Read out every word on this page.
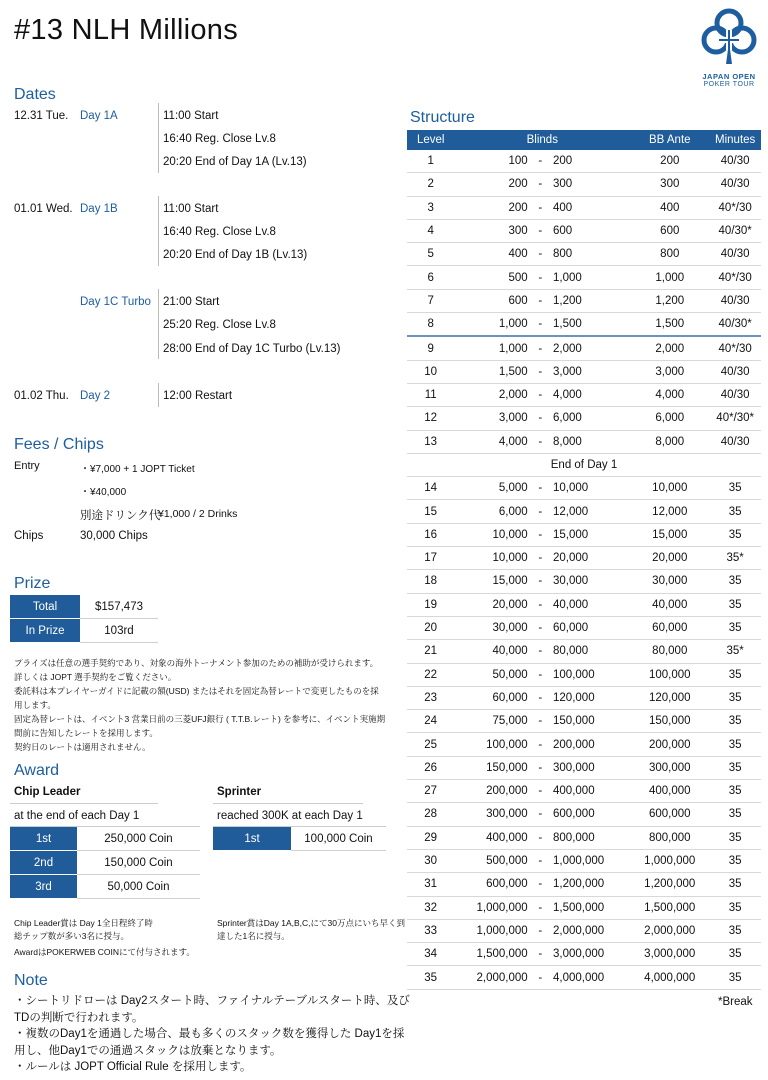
#13 NLH Millions
JAPAN OPEN
POKER TOUR
Dates
12.31 Tue. Day 1A	11:00 Start
16:40 Reg. Close Lv.8
20:20 End of Day 1A (Lv.13)
01.01 Wed. Day 1B	11:00 Start
16:40 Reg. Close Lv.8
20:20 End of Day 1B (Lv.13)
Day 1C Turbo 21:00 Start
25:20 Reg. Close Lv.8
28:00 End of Day 1C Turbo (Lv.13)
01.02 Thu. Day 2	12:00 Restart
Fees / Chips
Entry	・¥7,000 + 1 JOPT Ticket
・¥40,000
別途ドリンク代
¥1,000 / 2 Drinks
Chips	30,000 Chips
Prize
Total	$157,473
In Prize	103rd
プライズは任意の選手契約であり、対象の海外トーナメント参加のための補助が受けられます。
詳しくは JOPT 選手契約をご覧ください。
委託料は本プレイヤーガイドに記載の額(USD) またはそれを固定為替レートで変更したものを採
用します。
固定為替レートは、イベント3 営業日前の三菱UFJ銀行 ( T.T.B.レート) を参考に、イベント実施期
間前に告知したレートを採用します。
契約日のレートは適用されません。
Award
Chip Leader
at the end of each Day 1
1st	250,000 Coin
2nd	150,000 Coin
3rd	50,000 Coin
Sprinter
reached 300K at each Day 1
1st	100,000 Coin
Chip Leader賞は Day 1全日程終了時
総チップ数が多い3名に授与。
Sprinter賞はDay 1A,B,C,にて30万点にいち早く到
達した1名に授与。
AwardはPOKERWEB COINにて付与されます。
Note
・シートリドローは Day2スタート時、ファイナルテーブルスタート時、及び
TDの判断で行われます。
・複数のDay1を通過した場合、最も多くのスタック数を獲得した Day1を採
用し、他Day1での通過スタックは放棄となります。
・ルールは JOPT Official Rule を採用します。
Structure
Level	Blinds			BB Ante	Minutes
1	100	-	200	200	40/30
2	200	-	300	300	40/30
3	200	-	400	400	40*/30
4	300	-	600	600	40/30*
5	400	-	800	800	40/30
6	500	-	1,000	1,000	40*/30
7	600	-	1,200	1,200	40/30
8	1,000	-	1,500	1,500	40/30*
9	1,000	-	2,000	2,000	40*/30
10	1,500	-	3,000	3,000	40/30
11	2,000	-	4,000	4,000	40/30
12	3,000	-	6,000	6,000	40*/30*
13	4,000	-	8,000	8,000	40/30
End of Day 1					
14	5,000	-	10,000	10,000	35
15	6,000	-	12,000	12,000	35
16	10,000	-	15,000	15,000	35
17	10,000	-	20,000	20,000	35*
18	15,000	-	30,000	30,000	35
19	20,000	-	40,000	40,000	35
20	30,000	-	60,000	60,000	35
21	40,000	-	80,000	80,000	35*
22	50,000	-	100,000	100,000	35
23	60,000	-	120,000	120,000	35
24	75,000	-	150,000	150,000	35
25	100,000	-	200,000	200,000	35
26	150,000	-	300,000	300,000	35
27	200,000	-	400,000	400,000	35
28	300,000	-	600,000	600,000	35
29	400,000	-	800,000	800,000	35
30	500,000	-	1,000,000	1,000,000	35
31	600,000	-	1,200,000	1,200,000	35
32	1,000,000	-	1,500,000	1,500,000	35
33	1,000,000	-	2,000,000	2,000,000	35
34	1,500,000	-	3,000,000	3,000,000	35
35	2,000,000	-	4,000,000	4,000,000	35
*Break
